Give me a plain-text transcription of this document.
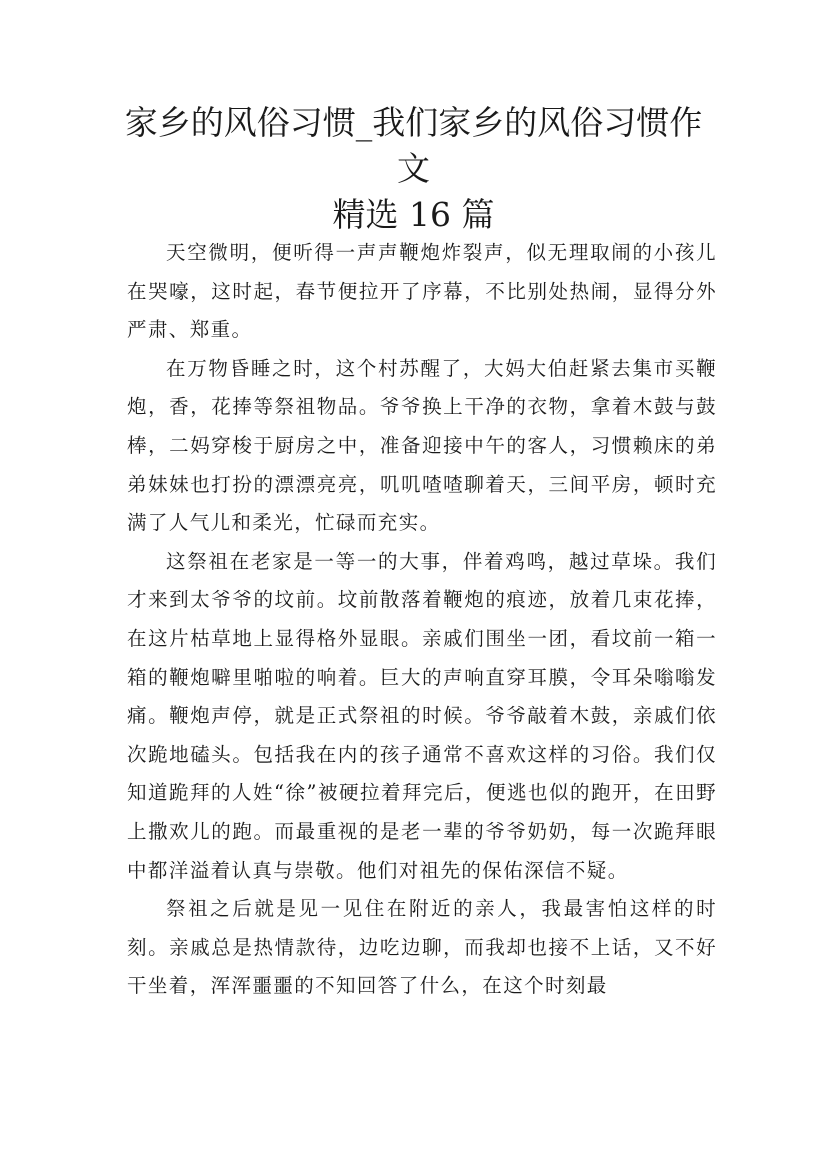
家乡的风俗习惯_我们家乡的风俗习惯作文
精选 16 篇

天空微明，便听得一声声鞭炮炸裂声，似无理取闹的小孩儿在哭嚎，这时起，春节便拉开了序幕，不比别处热闹，显得分外严肃、郑重。

在万物昏睡之时，这个村苏醒了，大妈大伯赶紧去集市买鞭炮，香，花捧等祭祖物品。爷爷换上干净的衣物，拿着木鼓与鼓棒，二妈穿梭于厨房之中，准备迎接中午的客人，习惯赖床的弟弟妹妹也打扮的漂漂亮亮，叽叽喳喳聊着天，三间平房，顿时充满了人气儿和柔光，忙碌而充实。

这祭祖在老家是一等一的大事，伴着鸡鸣，越过草垛。我们才来到太爷爷的坟前。坟前散落着鞭炮的痕迹，放着几束花捧，在这片枯草地上显得格外显眼。亲戚们围坐一团，看坟前一箱一箱的鞭炮噼里啪啦的响着。巨大的声响直穿耳膜，令耳朵嗡嗡发痛。鞭炮声停，就是正式祭祖的时候。爷爷敲着木鼓，亲戚们依次跪地磕头。包括我在内的孩子通常不喜欢这样的习俗。我们仅知道跪拜的人姓“徐”被硬拉着拜完后，便逃也似的跑开，在田野上撒欢儿的跑。而最重视的是老一辈的爷爷奶奶，每一次跪拜眼中都洋溢着认真与崇敬。他们对祖先的保佑深信不疑。

祭祖之后就是见一见住在附近的亲人，我最害怕这样的时刻。亲戚总是热情款待，边吃边聊，而我却也接不上话，又不好干坐着，浑浑噩噩的不知回答了什么，在这个时刻最
